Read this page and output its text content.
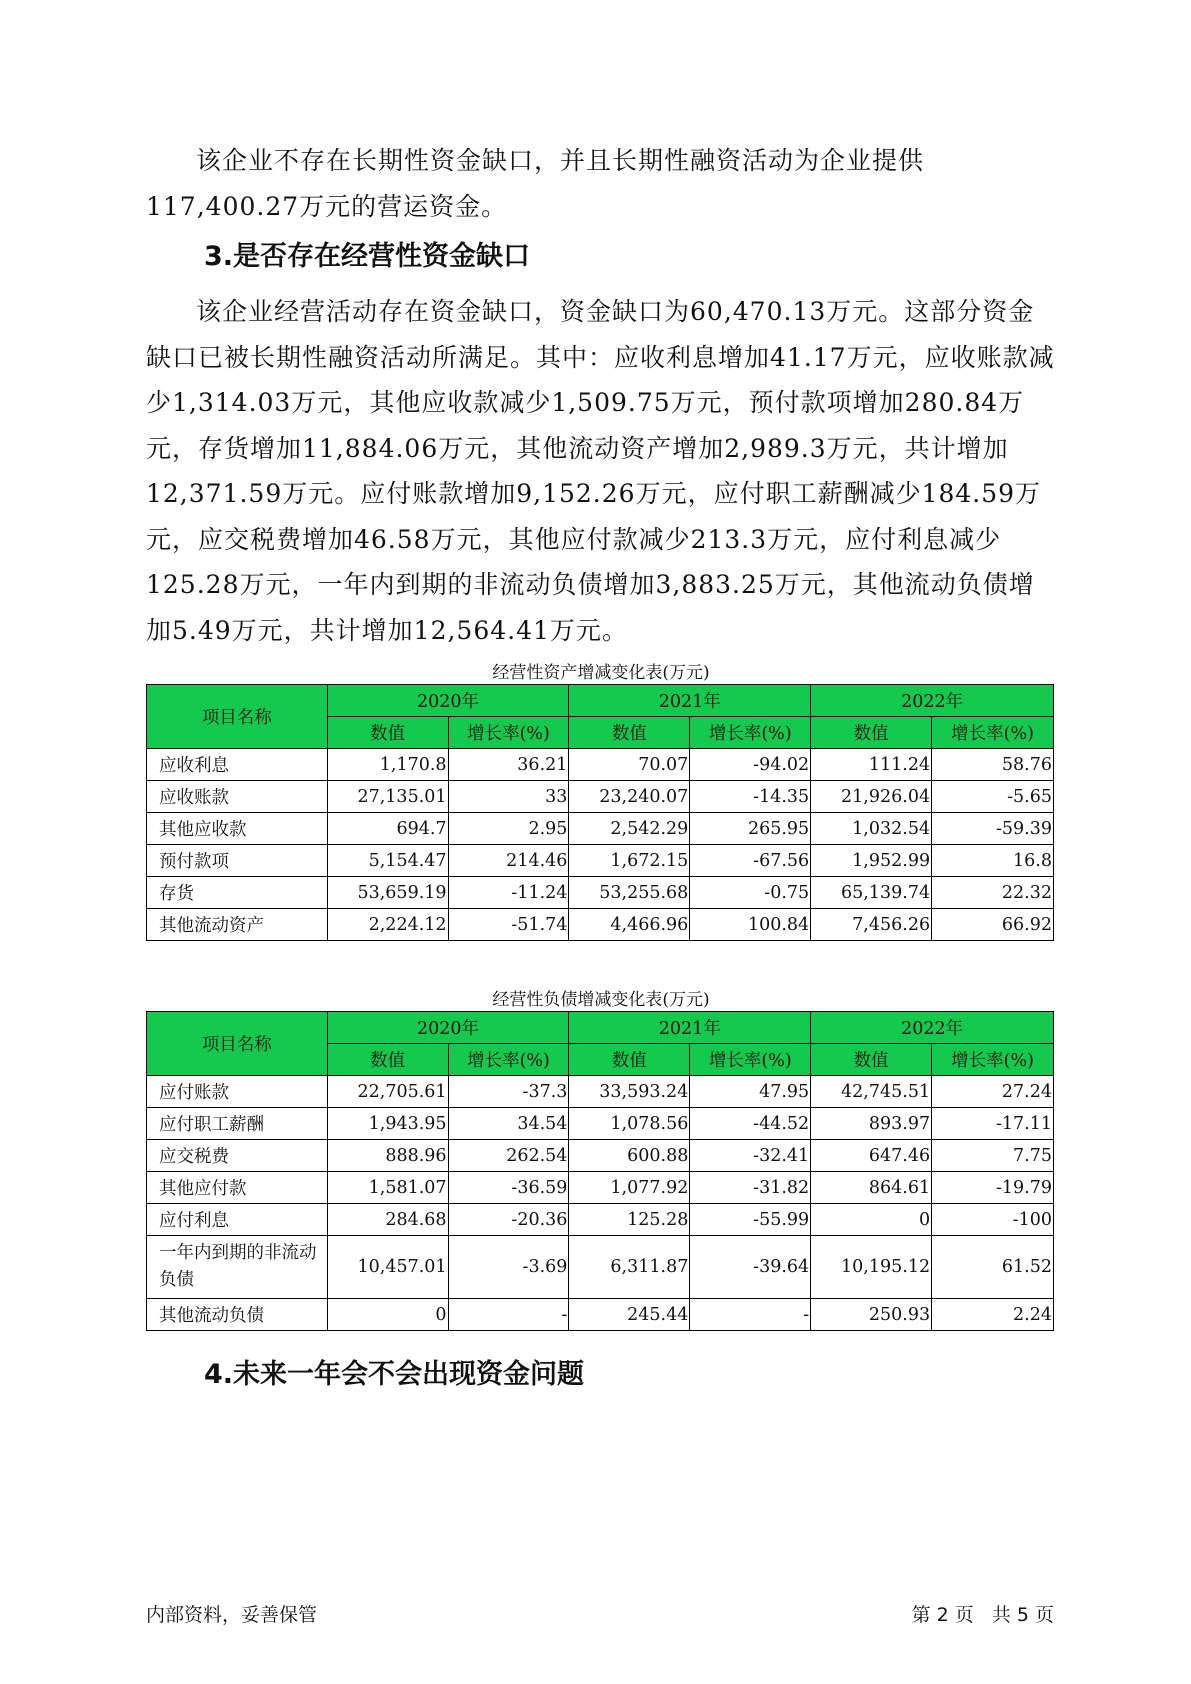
该企业不存在长期性资金缺口，并且长期性融资活动为企业提供117,400.27万元的营运资金。

3.是否存在经营性资金缺口

该企业经营活动存在资金缺口，资金缺口为60,470.13万元。这部分资金缺口已被长期性融资活动所满足。其中：应收利息增加41.17万元，应收账款减少1,314.03万元，其他应收款减少1,509.75万元，预付款项增加280.84万元，存货增加11,884.06万元，其他流动资产增加2,989.3万元，共计增加12,371.59万元。应付账款增加9,152.26万元，应付职工薪酬减少184.59万元，应交税费增加46.58万元，其他应付款减少213.3万元，应付利息减少125.28万元，一年内到期的非流动负债增加3,883.25万元，其他流动负债增加5.49万元，共计增加12,564.41万元。

经营性资产增减变化表(万元)
项目名称	2020年		2021年		2022年	
	数值	增长率(%)	数值	增长率(%)	数值	增长率(%)
应收利息	1,170.8	36.21	70.07	-94.02	111.24	58.76
应收账款	27,135.01	33	23,240.07	-14.35	21,926.04	-5.65
其他应收款	694.7	2.95	2,542.29	265.95	1,032.54	-59.39
预付款项	5,154.47	214.46	1,672.15	-67.56	1,952.99	16.8
存货	53,659.19	-11.24	53,255.68	-0.75	65,139.74	22.32
其他流动资产	2,224.12	-51.74	4,466.96	100.84	7,456.26	66.92
经营性负债增减变化表(万元)
项目名称	2020年		2021年		2022年	
	数值	增长率(%)	数值	增长率(%)	数值	增长率(%)
应付账款	22,705.61	-37.3	33,593.24	47.95	42,745.51	27.24
应付职工薪酬	1,943.95	34.54	1,078.56	-44.52	893.97	-17.11
应交税费	888.96	262.54	600.88	-32.41	647.46	7.75
其他应付款	1,581.07	-36.59	1,077.92	-31.82	864.61	-19.79
应付利息	284.68	-20.36	125.28	-55.99	0	-100
一年内到期的非流动负债	10,457.01	-3.69	6,311.87	-39.64	10,195.12	61.52
其他流动负债	0	-	245.44	-	250.93	2.24
4.未来一年会不会出现资金问题
内部资料，妥善保管	第 2 页   共 5 页
